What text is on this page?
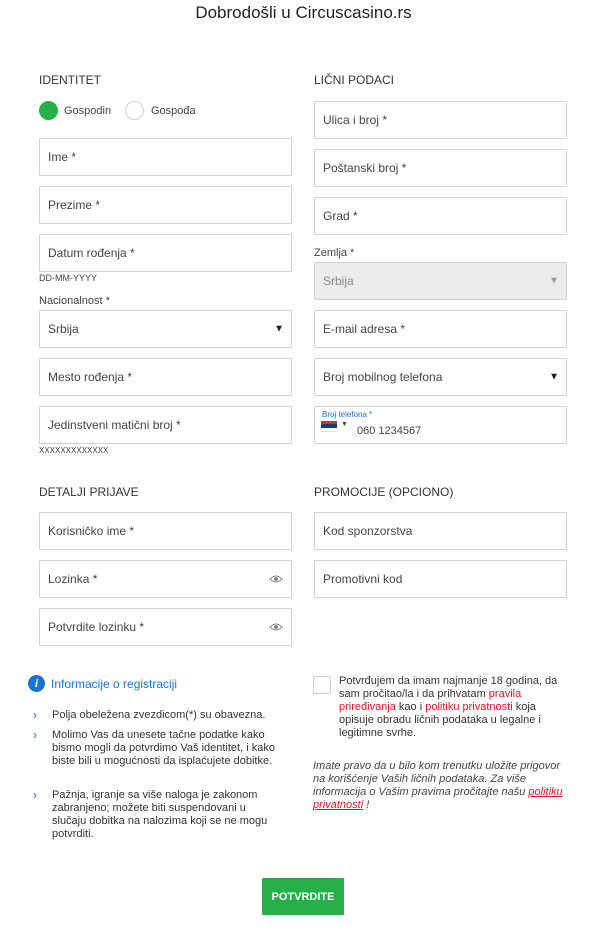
Dobrodošli u Circuscasino.rs
IDENTITET
Gospodin	Gospođa
Ime *
Prezime *
Datum rođenja *
DD-MM-YYYY
Nacionalnost *
Srbija	▼
Mesto rođenja *
Jedinstveni matični broj *
XXXXXXXXXXXXX
LIČNI PODACI
Ulica i broj *
Poštanski broj *
Grad *
Zemlja *
Srbija	▼
E-mail adresa *
Broj mobilnog telefona	▼
Broj telefona *
▼
060 1234567
DETALJI PRIJAVE
Korisničko ime *
Lozinka *
Potvrdite lozinku *
PROMOCIJE (OPCIONO)
Kod sponzorstva
Promotivni kod
i	Informacije o registraciji
› Polja obeležena zvezdicom(*) su obavezna.
› Molimo Vas da unesete tačne podatke kako bismo mogli da potvrdimo Vaš identitet, i kako biste bili u mogućnosti da isplaćujete dobitke.
› Pažnja, igranje sa više naloga je zakonom zabranjeno; možete biti suspendovani u slučaju dobitka na nalozima koji se ne mogu potvrditi.
Potvrđujem da imam najmanje 18 godina, da sam pročitao/la i da prihvatam pravila priređivanja kao i politiku privatnosti koja opisuje obradu ličnih podataka u legalne i legitimne svrhe.
Imate pravo da u bilo kom trenutku uložite prigovor na korišćenje Vaših ličnih podataka. Za više informacija o Vašim pravima pročitajte našu politiku privatnosti !
POTVRDITE
